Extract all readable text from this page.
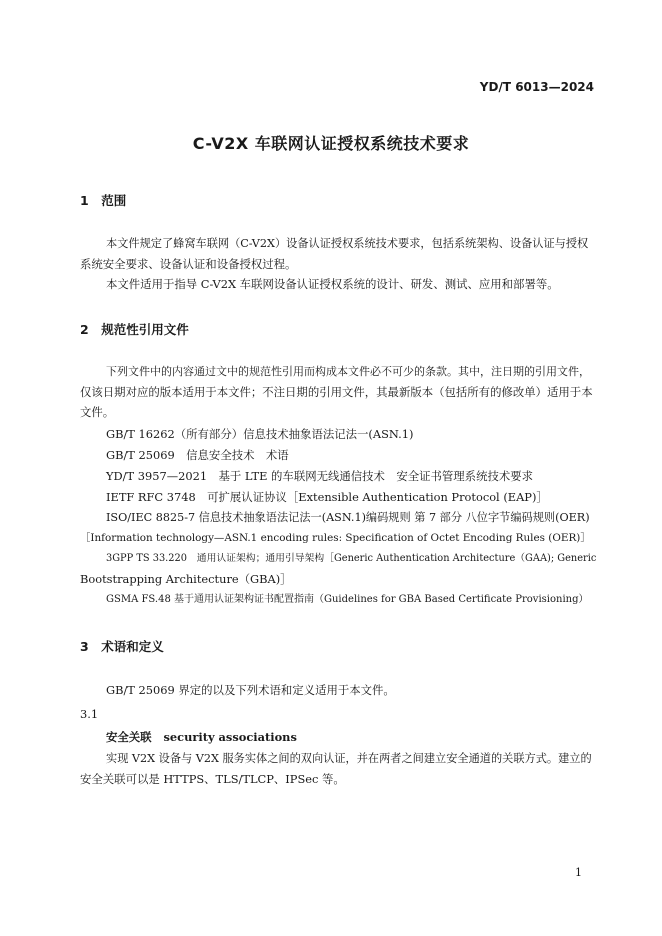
YD/T 6013—2024
C-V2X 车联网认证授权系统技术要求
1　范围
本文件规定了蜂窝车联网（C-V2X）设备认证授权系统技术要求，包括系统架构、设备认证与授权
系统安全要求、设备认证和设备授权过程。
本文件适用于指导 C-V2X 车联网设备认证授权系统的设计、研发、测试、应用和部署等。
2　规范性引用文件
下列文件中的内容通过文中的规范性引用而构成本文件必不可少的条款。其中，注日期的引用文件，
仅该日期对应的版本适用于本文件；不注日期的引用文件，其最新版本（包括所有的修改单）适用于本
文件。
GB/T 16262（所有部分）信息技术抽象语法记法一(ASN.1)
GB/T 25069　信息安全技术　术语
YD/T 3957—2021　基于 LTE 的车联网无线通信技术　安全证书管理系统技术要求
IETF RFC 3748　可扩展认证协议［Extensible Authentication Protocol (EAP)］
ISO/IEC 8825-7 信息技术抽象语法记法一(ASN.1)编码规则 第 7 部分 八位字节编码规则(OER)
［Information technology—ASN.1 encoding rules: Specification of Octet Encoding Rules (OER)］
3GPP TS 33.220　通用认证架构；通用引导架构［Generic Authentication Architecture（GAA); Generic
Bootstrapping Architecture（GBA)］
GSMA FS.48 基于通用认证架构证书配置指南（Guidelines for GBA Based Certificate Provisioning）
3　术语和定义
GB/T 25069 界定的以及下列术语和定义适用于本文件。
3.1
安全关联 security associations
实现 V2X 设备与 V2X 服务实体之间的双向认证，并在两者之间建立安全通道的关联方式。建立的
安全关联可以是 HTTPS、TLS/TLCP、IPSec 等。
1
